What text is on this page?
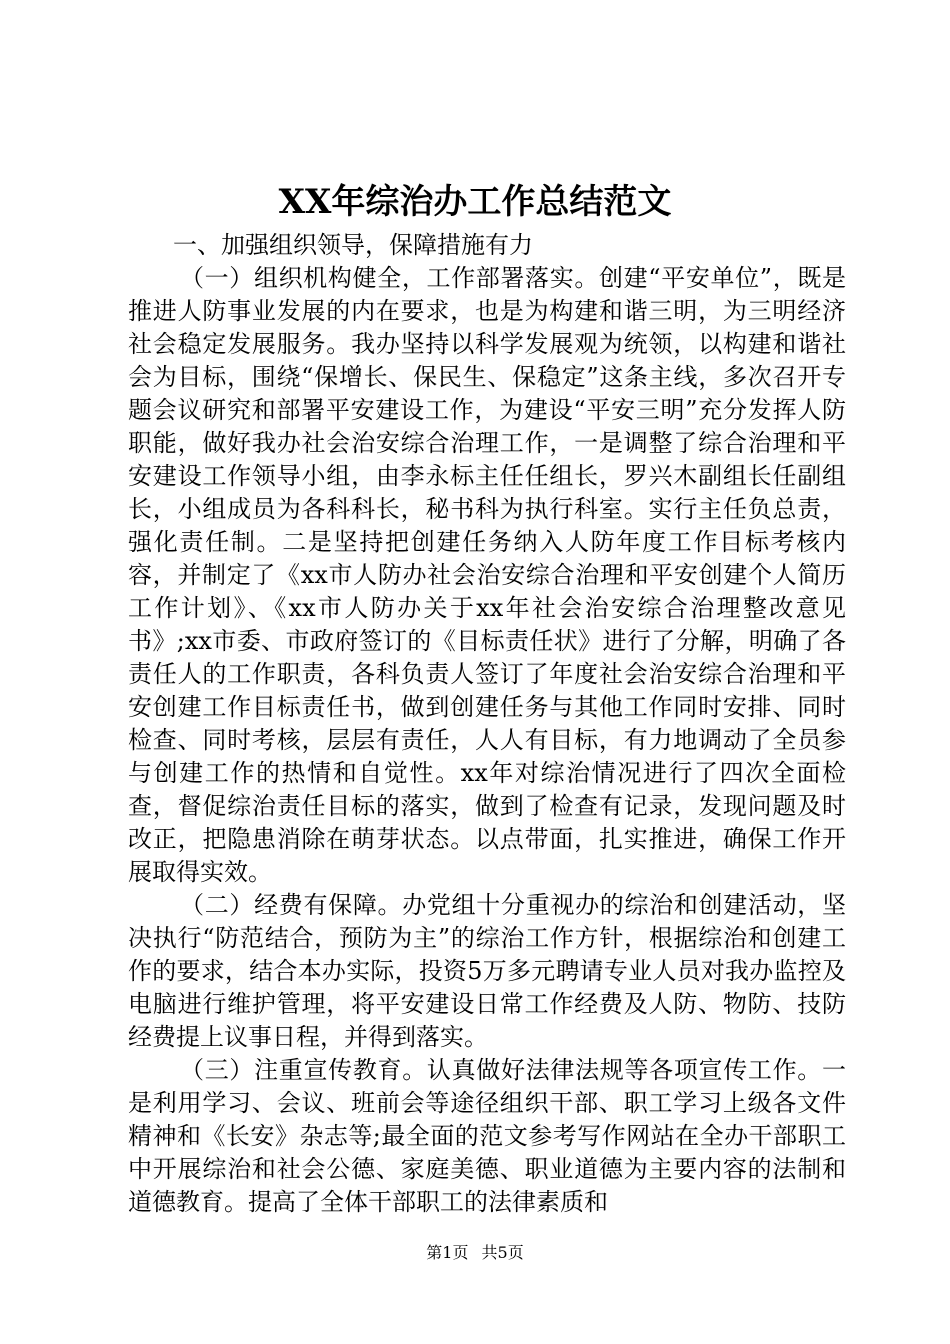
XX年综治办工作总结范文

一、加强组织领导，保障措施有力

（一）组织机构健全，工作部署落实。创建“平安单位”，既是推进人防事业发展的内在要求，也是为构建和谐三明，为三明经济社会稳定发展服务。我办坚持以科学发展观为统领，以构建和谐社会为目标，围绕“保增长、保民生、保稳定”这条主线，多次召开专题会议研究和部署平安建设工作，为建设“平安三明”充分发挥人防职能，做好我办社会治安综合治理工作，一是调整了综合治理和平安建设工作领导小组，由李永标主任任组长，罗兴木副组长任副组长，小组成员为各科科长，秘书科为执行科室。实行主任负总责，强化责任制。二是坚持把创建任务纳入人防年度工作目标考核内容，并制定了《xx市人防办社会治安综合治理和平安创建个人简历工作计划》、《xx市人防办关于xx年社会治安综合治理整改意见书》;xx市委、市政府签订的《目标责任状》进行了分解，明确了各责任人的工作职责，各科负责人签订了年度社会治安综合治理和平安创建工作目标责任书，做到创建任务与其他工作同时安排、同时检查、同时考核，层层有责任，人人有目标，有力地调动了全员参与创建工作的热情和自觉性。xx年对综治情况进行了四次全面检查，督促综治责任目标的落实，做到了检查有记录，发现问题及时改正，把隐患消除在萌芽状态。以点带面，扎实推进，确保工作开展取得实效。

（二）经费有保障。办党组十分重视办的综治和创建活动，坚决执行“防范结合，预防为主”的综治工作方针，根据综治和创建工作的要求，结合本办实际，投资5万多元聘请专业人员对我办监控及电脑进行维护管理，将平安建设日常工作经费及人防、物防、技防经费提上议事日程，并得到落实。

（三）注重宣传教育。认真做好法律法规等各项宣传工作。一是利用学习、会议、班前会等途径组织干部、职工学习上级各文件精神和《长安》杂志等;最全面的范文参考写作网站在全办干部职工中开展综治和社会公德、家庭美德、职业道德为主要内容的法制和道德教育。提高了全体干部职工的法律素质和

第1页 共5页
